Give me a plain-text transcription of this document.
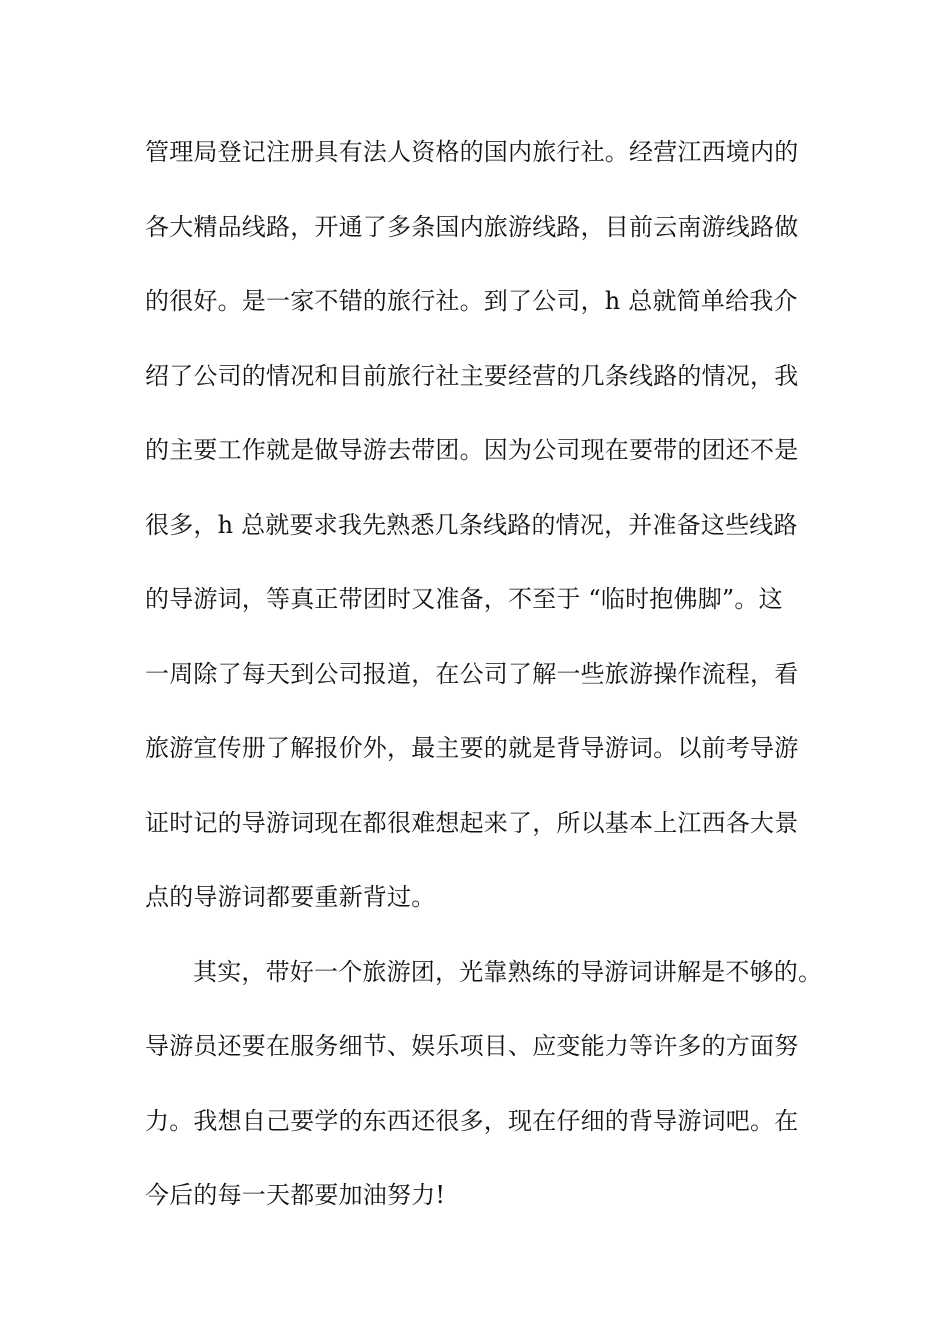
管理局登记注册具有法人资格的国内旅行社。经营江西境内的
各大精品线路，开通了多条国内旅游线路，目前云南游线路做
的很好。是一家不错的旅行社。到了公司，h 总就简单给我介
绍了公司的情况和目前旅行社主要经营的几条线路的情况，我
的主要工作就是做导游去带团。因为公司现在要带的团还不是
很多，h 总就要求我先熟悉几条线路的情况，并准备这些线路
的导游词，等真正带团时又准备，不至于 “临时抱佛脚”。这
一周除了每天到公司报道，在公司了解一些旅游操作流程，看
旅游宣传册了解报价外，最主要的就是背导游词。以前考导游
证时记的导游词现在都很难想起来了，所以基本上江西各大景
点的导游词都要重新背过。
其实，带好一个旅游团，光靠熟练的导游词讲解是不够的。
导游员还要在服务细节、娱乐项目、应变能力等许多的方面努
力。我想自己要学的东西还很多，现在仔细的背导游词吧。在
今后的每一天都要加油努力!
